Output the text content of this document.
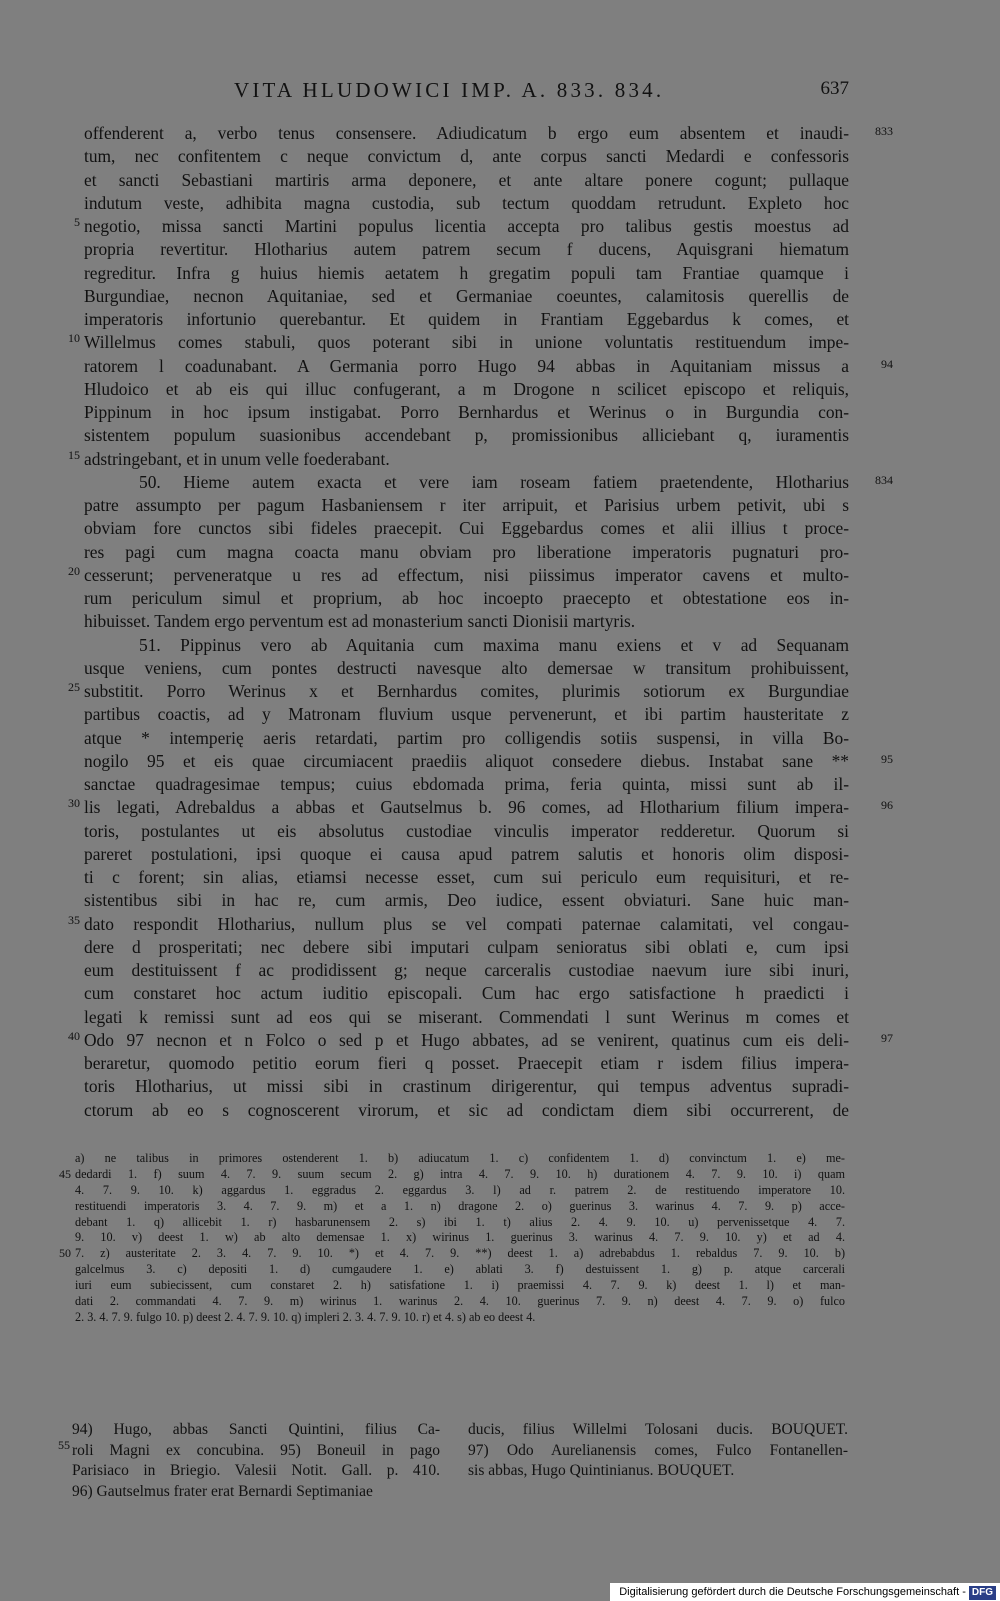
VITA HLUDOWICI IMP. A. 833. 834.	637
offenderent a, verbo tenus consensere. Adiudicatum b ergo eum absentem et inaudi- 833
tum, nec confitentem c neque convictum d, ante corpus sancti Medardi e confessoris
et sancti Sebastiani martiris arma deponere, et ante altare ponere cogunt; pullaque
indutum veste, adhibita magna custodia, sub tectum quoddam retrudunt. Expleto hoc
negotio, missa sancti Martini populus licentia accepta pro talibus gestis moestus ad
5
propria revertitur. Hlotharius autem patrem secum f ducens, Aquisgrani hiematum
regreditur. Infra g huius hiemis aetatem h gregatim populi tam Frantiae quamque i
Burgundiae, necnon Aquitaniae, sed et Germaniae coeuntes, calamitosis querellis de
imperatoris infortunio querebantur. Et quidem in Frantiam Eggebardus k comes, et
Willelmus comes stabuli, quos poterant sibi in unione voluntatis restituendum impe-
10
ratorem l coadunabant. A Germania porro Hugo 94 abbas in Aquitaniam missus a	94
Hludoico et ab eis qui illuc confugerant, a m Drogone n scilicet episcopo et reliquis,
Pippinum in hoc ipsum instigabat. Porro Bernhardus et Werinus o in Burgundia con-
sistentem populum suasionibus accendebant p, promissionibus alliciebant q, iuramentis
adstringebant, et in unum velle foederabant.
15
50. Hieme autem exacta et vere iam roseam fatiem praetendente, Hlotharius 834
patre assumpto per pagum Hasbaniensem r iter arripuit, et Parisius urbem petivit, ubi s
obviam fore cunctos sibi fideles praecepit. Cui Eggebardus comes et alii illius t proce-
res pagi cum magna coacta manu obviam pro liberatione imperatoris pugnaturi pro-
cesserunt; perveneratque u res ad effectum, nisi piissimus imperator cavens et multo-
20
rum periculum simul et proprium, ab hoc incoepto praecepto et obtestatione eos in-
hibuisset. Tandem ergo perventum est ad monasterium sancti Dionisii martyris.
51. Pippinus vero ab Aquitania cum maxima manu exiens et v ad Sequanam
usque veniens, cum pontes destructi navesque alto demersae w transitum prohibuissent,
substitit. Porro Werinus x et Bernhardus comites, plurimis sotiorum ex Burgundiae
25
partibus coactis, ad y Matronam fluvium usque pervenerunt, et ibi partim hausteritate z
atque * intemperię aeris retardati, partim pro colligendis sotiis suspensi, in villa Bo-
nogilo 95 et eis quae circumiacent praediis aliquot consedere diebus. Instabat sane **	95
sanctae quadragesimae tempus; cuius ebdomada prima, feria quinta, missi sunt ab il-
lis legati, Adrebaldus a abbas et Gautselmus b. 96 comes, ad Hlotharium filium impera-
30	96
toris, postulantes ut eis absolutus custodiae vinculis imperator redderetur. Quorum si
pareret postulationi, ipsi quoque ei causa apud patrem salutis et honoris olim disposi-
ti c forent; sin alias, etiamsi necesse esset, cum sui periculo eum requisituri, et re-
sistentibus sibi in hac re, cum armis, Deo iudice, essent obviaturi. Sane huic man-
dato respondit Hlotharius, nullum plus se vel compati paternae calamitati, vel congau-
35
dere d prosperitati; nec debere sibi imputari culpam senioratus sibi oblati e, cum ipsi
eum destituissent f ac prodidissent g; neque carceralis custodiae naevum iure sibi inuri,
cum constaret hoc actum iuditio episcopali. Cum hac ergo satisfactione h praedicti i
legati k remissi sunt ad eos qui se miserant. Commendati l sunt Werinus m comes et
Odo 97 necnon et n Folco o sed p et Hugo abbates, ad se venirent, quatinus cum eis deli-
40	97
beraretur, quomodo petitio eorum fieri q posset. Praecepit etiam r isdem filius impera-
toris Hlotharius, ut missi sibi in crastinum dirigerentur, qui tempus adventus supradi-
ctorum ab eo s cognoscerent virorum, et sic ad condictam diem sibi occurrerent, de
a) ne talibus in primores ostenderent 1. b) adiucatum 1. c) confidentem 1. d) convinctum 1. e) me-
dedardi 1. f) suum 4. 7. 9. suum secum 2. g) intra 4. 7. 9. 10. h) durationem 4. 7. 9. 10. i) quam
45
4. 7. 9. 10. k) aggardus 1. eggradus 2. eggardus 3. l) ad r. patrem 2. de restituendo imperatore 10.
restituendi imperatoris 3. 4. 7. 9. m) et a 1. n) dragone 2. o) guerinus 3. warinus 4. 7. 9. p) acce-
debant 1. q) allicebit 1. r) hasbarunensem 2. s) ibi 1. t) alius 2. 4. 9. 10. u) pervenissetque 4. 7.
9. 10. v) deest 1. w) ab alto demensae 1. x) wirinus 1. guerinus 3. warinus 4. 7. 9. 10. y) et ad 4.
7. z) austeritate 2. 3. 4. 7. 9. 10. *) et 4. 7. 9. **) deest 1. a) adrebabdus 1. rebaldus 7. 9. 10. b)
50
galcelmus 3. c) depositi 1. d) cumgaudere 1. e) ablati 3. f) destuissent 1. g) p. atque carcerali
iuri eum subiecissent, cum constaret 2. h) satisfatione 1. i) praemissi 4. 7. 9. k) deest 1. l) et man-
dati 2. commandati 4. 7. 9. m) wirinus 1. warinus 2. 4. 10. guerinus 7. 9. n) deest 4. 7. 9. o) fulco
2. 3. 4. 7. 9. fulgo 10. p) deest 2. 4. 7. 9. 10. q) impleri 2. 3. 4. 7. 9. 10. r) et 4. s) ab eo deest 4.
55
94) Hugo, abbas Sancti Quintini, filius Ca-
roli Magni ex concubina. 95) Boneuil in pago
Parisiaco in Briegio. Valesii Notit. Gall. p. 410.
96) Gautselmus frater erat Bernardi Septimaniae
ducis, filius Willelmi Tolosani ducis. BOUQUET.
97) Odo Aurelianensis comes, Fulco Fontanellen-
sis abbas, Hugo Quintinianus. BOUQUET.
Digitalisierung gefördert durch die Deutsche Forschungsgemeinschaft - DFG
